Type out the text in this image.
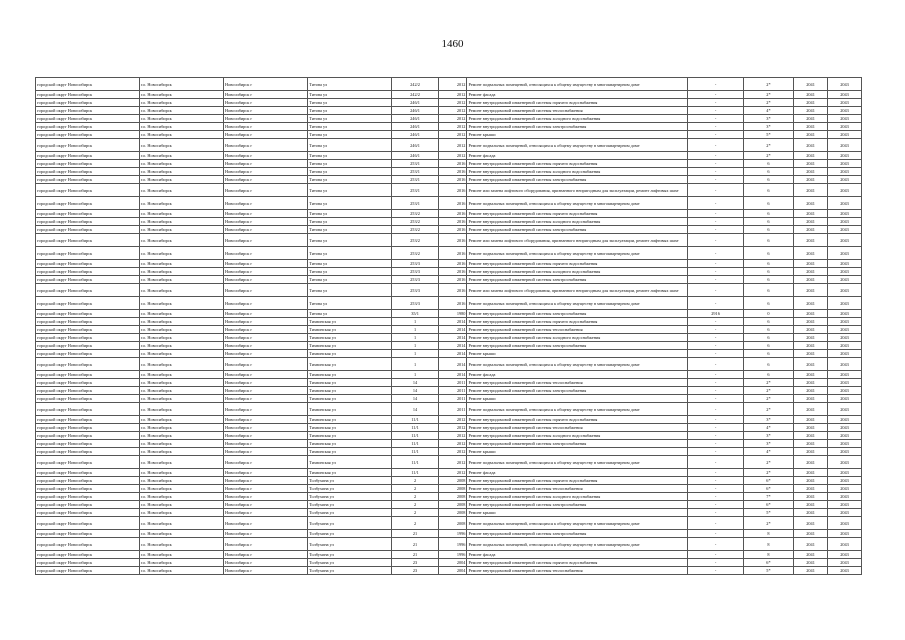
1460
городской округ Новосибирск	г.о. Новосибирск	Новосибирск г	Титова ул	242/2	2012	Ремонт подвальных помещений, относящихся к общему имуществу в многоквартирном доме	-	2*	2041	2043
городской округ Новосибирск	г.о. Новосибирск	Новосибирск г	Титова ул	242/2	2012	Ремонт фасада	-	2*	2041	2043
городской округ Новосибирск	г.о. Новосибирск	Новосибирск г	Титова ул	246/1	2012	Ремонт внутридомовой инженерной системы горячего водоснабжения	-	2*	2041	2043
городской округ Новосибирск	г.о. Новосибирск	Новосибирск г	Титова ул	246/1	2012	Ремонт внутридомовой инженерной системы теплоснабжения	-	4*	2041	2043
городской округ Новосибирск	г.о. Новосибирск	Новосибирск г	Титова ул	246/1	2012	Ремонт внутридомовой инженерной системы холодного водоснабжения	-	3*	2041	2043
городской округ Новосибирск	г.о. Новосибирск	Новосибирск г	Титова ул	246/1	2012	Ремонт внутридомовой инженерной системы электроснабжения	-	3*	2041	2043
городской округ Новосибирск	г.о. Новосибирск	Новосибирск г	Титова ул	246/1	2012	Ремонт крыши	-	5*	2041	2043
городской округ Новосибирск	г.о. Новосибирск	Новосибирск г	Титова ул	246/1	2012	Ремонт подвальных помещений, относящихся к общему имуществу в многоквартирном доме	-	2*	2041	2043
городской округ Новосибирск	г.о. Новосибирск	Новосибирск г	Титова ул	246/1	2012	Ремонт фасада	-	2*	2041	2043
городской округ Новосибирск	г.о. Новосибирск	Новосибирск г	Титова ул	253/1	2016	Ремонт внутридомовой инженерной системы горячего водоснабжения	-	6	2041	2043
городской округ Новосибирск	г.о. Новосибирск	Новосибирск г	Титова ул	253/1	2016	Ремонт внутридомовой инженерной системы холодного водоснабжения	-	6	2041	2043
городской округ Новосибирск	г.о. Новосибирск	Новосибирск г	Титова ул	253/1	2016	Ремонт внутридомовой инженерной системы электроснабжения	-	6	2041	2043
городской округ Новосибирск	г.о. Новосибирск	Новосибирск г	Титова ул	253/1	2016	Ремонт или замена лифтового оборудования, признанного непригодным для эксплуатации, ремонт лифтовых шахт	-	6	2041	2043
городской округ Новосибирск	г.о. Новосибирск	Новосибирск г	Титова ул	253/1	2016	Ремонт подвальных помещений, относящихся к общему имуществу в многоквартирном доме	-	6	2041	2043
городской округ Новосибирск	г.о. Новосибирск	Новосибирск г	Титова ул	253/2	2016	Ремонт внутридомовой инженерной системы горячего водоснабжения	-	6	2041	2043
городской округ Новосибирск	г.о. Новосибирск	Новосибирск г	Титова ул	253/2	2016	Ремонт внутридомовой инженерной системы холодного водоснабжения	-	6	2041	2043
городской округ Новосибирск	г.о. Новосибирск	Новосибирск г	Титова ул	253/2	2016	Ремонт внутридомовой инженерной системы электроснабжения	-	6	2041	2043
городской округ Новосибирск	г.о. Новосибирск	Новосибирск г	Титова ул	253/2	2016	Ремонт или замена лифтового оборудования, признанного непригодным для эксплуатации, ремонт лифтовых шахт	-	6	2041	2043
городской округ Новосибирск	г.о. Новосибирск	Новосибирск г	Титова ул	253/2	2016	Ремонт подвальных помещений, относящихся к общему имуществу в многоквартирном доме	-	6	2041	2043
городской округ Новосибирск	г.о. Новосибирск	Новосибирск г	Титова ул	253/3	2016	Ремонт внутридомовой инженерной системы горячего водоснабжения	-	6	2041	2043
городской округ Новосибирск	г.о. Новосибирск	Новосибирск г	Титова ул	253/3	2016	Ремонт внутридомовой инженерной системы холодного водоснабжения	-	6	2041	2043
городской округ Новосибирск	г.о. Новосибирск	Новосибирск г	Титова ул	253/3	2016	Ремонт внутридомовой инженерной системы электроснабжения	-	6	2041	2043
городской округ Новосибирск	г.о. Новосибирск	Новосибирск г	Титова ул	253/3	2016	Ремонт или замена лифтового оборудования, признанного непригодным для эксплуатации, ремонт лифтовых шахт	-	6	2041	2043
городской округ Новосибирск	г.о. Новосибирск	Новосибирск г	Титова ул	253/3	2016	Ремонт подвальных помещений, относящихся к общему имуществу в многоквартирном доме	-	6	2041	2043
городской округ Новосибирск	г.о. Новосибирск	Новосибирск г	Титова ул	35/1	1980	Ремонт внутридомовой инженерной системы электроснабжения	2916	0	2041	2043
городской округ Новосибирск	г.о. Новосибирск	Новосибирск г	Тихвинская ул	1	2014	Ремонт внутридомовой инженерной системы горячего водоснабжения	-	6	2041	2043
городской округ Новосибирск	г.о. Новосибирск	Новосибирск г	Тихвинская ул	1	2014	Ремонт внутридомовой инженерной системы теплоснабжения	-	6	2041	2043
городской округ Новосибирск	г.о. Новосибирск	Новосибирск г	Тихвинская ул	1	2014	Ремонт внутридомовой инженерной системы холодного водоснабжения	-	6	2041	2043
городской округ Новосибирск	г.о. Новосибирск	Новосибирск г	Тихвинская ул	1	2014	Ремонт внутридомовой инженерной системы электроснабжения	-	6	2041	2043
городской округ Новосибирск	г.о. Новосибирск	Новосибирск г	Тихвинская ул	1	2014	Ремонт крыши	-	6	2041	2043
городской округ Новосибирск	г.о. Новосибирск	Новосибирск г	Тихвинская ул	1	2014	Ремонт подвальных помещений, относящихся к общему имуществу в многоквартирном доме	-	6	2041	2043
городской округ Новосибирск	г.о. Новосибирск	Новосибирск г	Тихвинская ул	1	2014	Ремонт фасада	-	6	2041	2043
городской округ Новосибирск	г.о. Новосибирск	Новосибирск г	Тихвинская ул	14	2011	Ремонт внутридомовой инженерной системы теплоснабжения	-	2*	2041	2043
городской округ Новосибирск	г.о. Новосибирск	Новосибирск г	Тихвинская ул	14	2011	Ремонт внутридомовой инженерной системы электроснабжения	-	2*	2041	2043
городской округ Новосибирск	г.о. Новосибирск	Новосибирск г	Тихвинская ул	14	2011	Ремонт крыши	-	2*	2041	2043
городской округ Новосибирск	г.о. Новосибирск	Новосибирск г	Тихвинская ул	14	2011	Ремонт подвальных помещений, относящихся к общему имуществу в многоквартирном доме	-	2*	2041	2043
городской округ Новосибирск	г.о. Новосибирск	Новосибирск г	Тихвинская ул	11/1	2012	Ремонт внутридомовой инженерной системы горячего водоснабжения	-	3*	2041	2043
городской округ Новосибирск	г.о. Новосибирск	Новосибирск г	Тихвинская ул	11/1	2012	Ремонт внутридомовой инженерной системы теплоснабжения	-	4*	2041	2043
городской округ Новосибирск	г.о. Новосибирск	Новосибирск г	Тихвинская ул	11/1	2012	Ремонт внутридомовой инженерной системы холодного водоснабжения	-	3*	2041	2043
городской округ Новосибирск	г.о. Новосибирск	Новосибирск г	Тихвинская ул	11/1	2012	Ремонт внутридомовой инженерной системы электроснабжения	-	3*	2041	2043
городской округ Новосибирск	г.о. Новосибирск	Новосибирск г	Тихвинская ул	11/1	2012	Ремонт крыши	-	4*	2041	2043
городской округ Новосибирск	г.о. Новосибирск	Новосибирск г	Тихвинская ул	11/1	2012	Ремонт подвальных помещений, относящихся к общему имуществу в многоквартирном доме	-	2*	2041	2043
городской округ Новосибирск	г.о. Новосибирск	Новосибирск г	Тихвинская ул	11/1	2012	Ремонт фасада	-	2*	2041	2043
городской округ Новосибирск	г.о. Новосибирск	Новосибирск г	Толбухина ул	2	2008	Ремонт внутридомовой инженерной системы горячего водоснабжения	-	6*	2041	2043
городской округ Новосибирск	г.о. Новосибирск	Новосибирск г	Толбухина ул	2	2008	Ремонт внутридомовой инженерной системы теплоснабжения	-	6*	2041	2043
городской округ Новосибирск	г.о. Новосибирск	Новосибирск г	Толбухина ул	2	2008	Ремонт внутридомовой инженерной системы холодного водоснабжения	-	7*	2041	2043
городской округ Новосибирск	г.о. Новосибирск	Новосибирск г	Толбухина ул	2	2008	Ремонт внутридомовой инженерной системы электроснабжения	-	6*	2041	2043
городской округ Новосибирск	г.о. Новосибирск	Новосибирск г	Толбухина ул	2	2008	Ремонт крыши	-	5*	2041	2043
городской округ Новосибирск	г.о. Новосибирск	Новосибирск г	Толбухина ул	2	2008	Ремонт подвальных помещений, относящихся к общему имуществу в многоквартирном доме	-	2*	2041	2043
городской округ Новосибирск	г.о. Новосибирск	Новосибирск г	Толбухина ул	21	1996	Ремонт внутридомовой инженерной системы электроснабжения	-	8	2041	2043
городской округ Новосибирск	г.о. Новосибирск	Новосибирск г	Толбухина ул	21	1996	Ремонт подвальных помещений, относящихся к общему имуществу в многоквартирном доме	-	8	2041	2043
городской округ Новосибирск	г.о. Новосибирск	Новосибирск г	Толбухина ул	21	1996	Ремонт фасада	-	8	2041	2043
городской округ Новосибирск	г.о. Новосибирск	Новосибирск г	Толбухина ул	23	2004	Ремонт внутридомовой инженерной системы горячего водоснабжения	-	6*	2041	2043
городской округ Новосибирск	г.о. Новосибирск	Новосибирск г	Толбухина ул	23	2004	Ремонт внутридомовой инженерной системы теплоснабжения	-	5*	2041	2043
